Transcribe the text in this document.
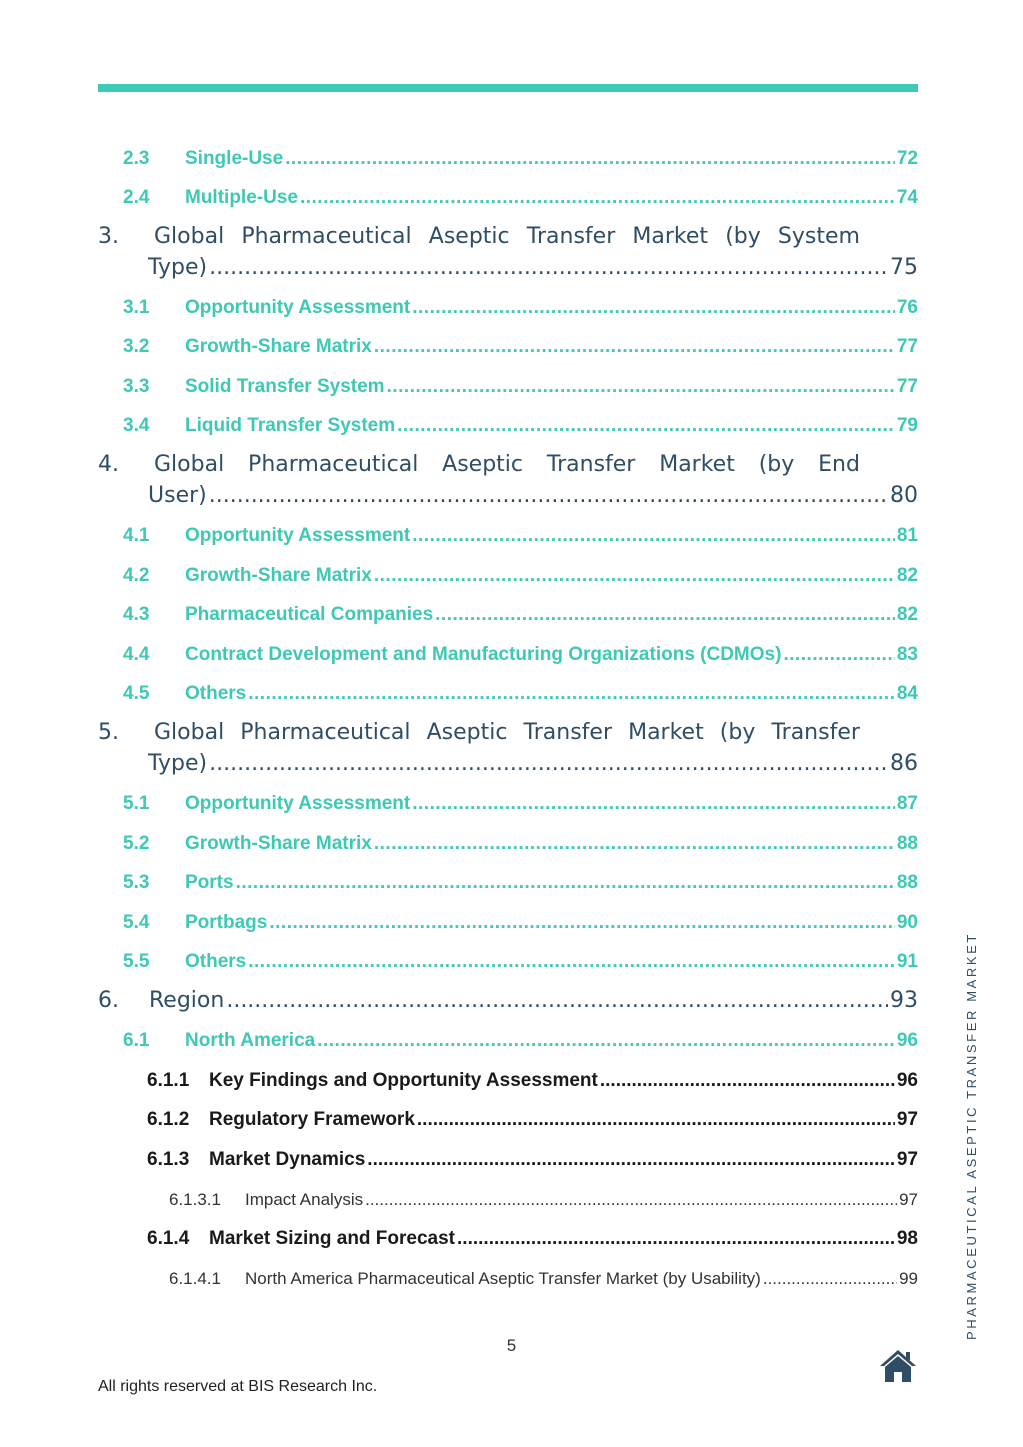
2.3	Single-Use .....	72
2.4	Multiple-Use .....	74
3.	Global Pharmaceutical Aseptic Transfer Market (by System
Type) .....	75
3.1	Opportunity Assessment .....	76
3.2	Growth-Share Matrix .....	77
3.3	Solid Transfer System .....	77
3.4	Liquid Transfer System .....	79
4.	Global Pharmaceutical Aseptic Transfer Market (by End
User) .....	80
4.1	Opportunity Assessment .....	81
4.2	Growth-Share Matrix .....	82
4.3	Pharmaceutical Companies .....	82
4.4	Contract Development and Manufacturing Organizations (CDMOs) .....	83
4.5	Others .....	84
5.	Global Pharmaceutical Aseptic Transfer Market (by Transfer
Type) .....	86
5.1	Opportunity Assessment .....	87
5.2	Growth-Share Matrix .....	88
5.3	Ports .....	88
5.4	Portbags .....	90
5.5	Others .....	91
6.	Region .....	93
6.1	North America .....	96
6.1.1	Key Findings and Opportunity Assessment .....	96
6.1.2	Regulatory Framework .....	97
6.1.3	Market Dynamics .....	97
6.1.3.1	Impact Analysis .....	97
6.1.4	Market Sizing and Forecast .....	98
6.1.4.1	North America Pharmaceutical Aseptic Transfer Market (by Usability) .....	99
5
All rights reserved at BIS Research Inc.
PHARMACEUTICAL ASEPTIC TRANSFER MARKET
